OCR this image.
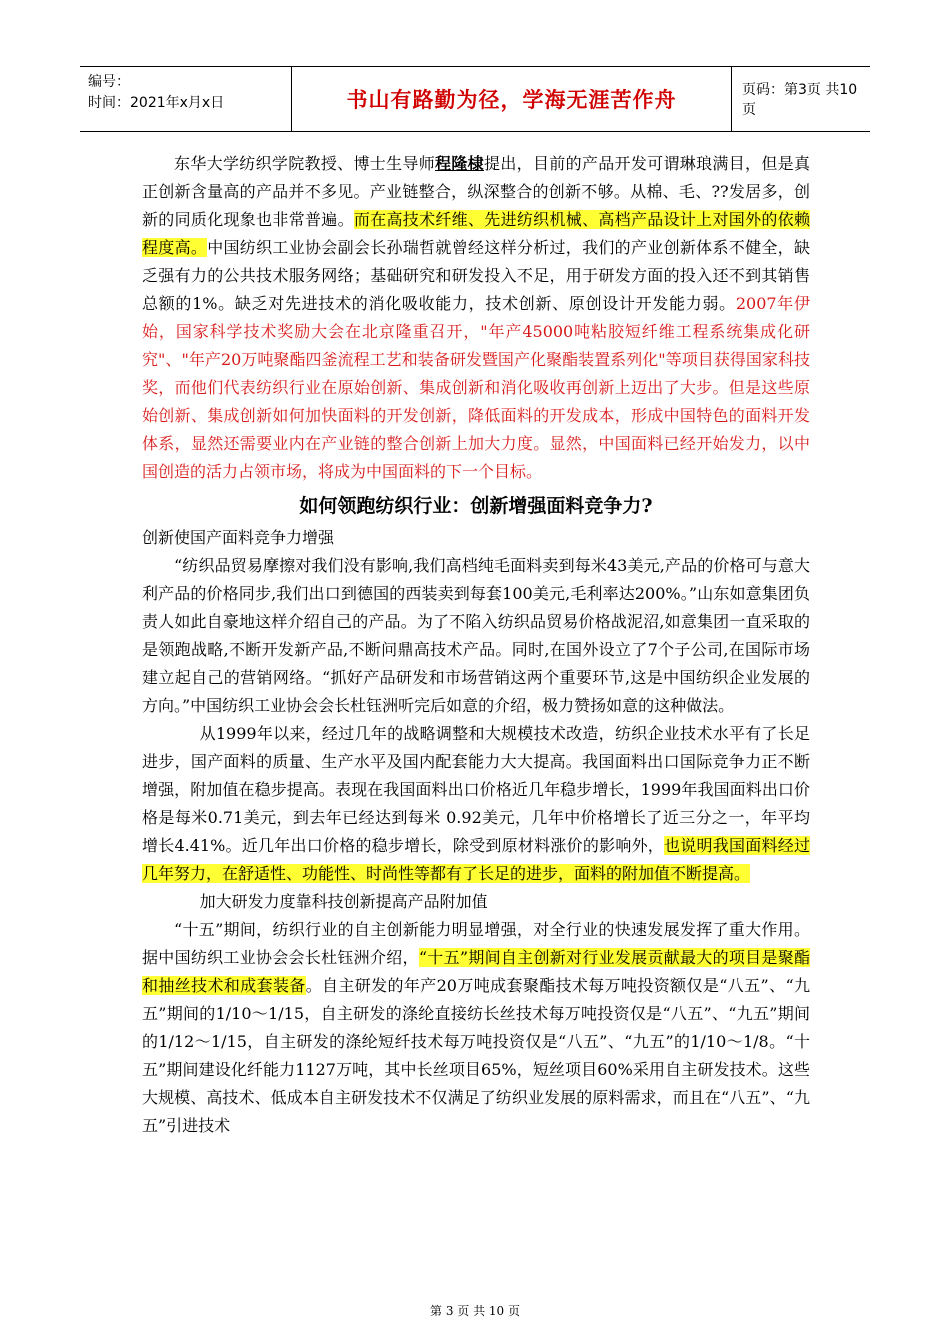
编号：
时间：2021年x月x日	书山有路勤为径，学海无涯苦作舟	页码：第3页 共10页

东华大学纺织学院教授、博士生导师程隆棣提出，目前的产品开发可谓琳琅满目，但是真正创新含量高的产品并不多见。产业链整合，纵深整合的创新不够。从棉、毛、??发居多，创新的同质化现象也非常普遍。而在高技术纤维、先进纺织机械、高档产品设计上对国外的依赖程度高。中国纺织工业协会副会长孙瑞哲就曾经这样分析过，我们的产业创新体系不健全，缺乏强有力的公共技术服务网络；基础研究和研发投入不足，用于研发方面的投入还不到其销售总额的1%。缺乏对先进技术的消化吸收能力，技术创新、原创设计开发能力弱。2007年伊始，国家科学技术奖励大会在北京隆重召开，"年产45000吨粘胶短纤维工程系统集成化研究"、"年产20万吨聚酯四釜流程工艺和装备研发暨国产化聚酯装置系列化"等项目获得国家科技奖，而他们代表纺织行业在原始创新、集成创新和消化吸收再创新上迈出了大步。但是这些原始创新、集成创新如何加快面料的开发创新，降低面料的开发成本，形成中国特色的面料开发体系，显然还需要业内在产业链的整合创新上加大力度。显然，中国面料已经开始发力，以中国创造的活力占领市场，将成为中国面料的下一个目标。

如何领跑纺织行业：创新增强面料竞争力?

创新使国产面料竞争力增强

“纺织品贸易摩擦对我们没有影响,我们高档纯毛面料卖到每米43美元,产品的价格可与意大利产品的价格同步,我们出口到德国的西装卖到每套100美元,毛利率达200%。”山东如意集团负责人如此自豪地这样介绍自己的产品。为了不陷入纺织品贸易价格战泥沼,如意集团一直采取的是领跑战略,不断开发新产品,不断问鼎高技术产品。同时,在国外设立了7个子公司,在国际市场建立起自己的营销网络。“抓好产品研发和市场营销这两个重要环节,这是中国纺织企业发展的方向。”中国纺织工业协会会长杜钰洲听完后如意的介绍，极力赞扬如意的这种做法。

从1999年以来，经过几年的战略调整和大规模技术改造，纺织企业技术水平有了长足进步，国产面料的质量、生产水平及国内配套能力大大提高。我国面料出口国际竞争力正不断增强，附加值在稳步提高。表现在我国面料出口价格近几年稳步增长，1999年我国面料出口价格是每米0.71美元，到去年已经达到每米 0.92美元，几年中价格增长了近三分之一，年平均增长4.41%。近几年出口价格的稳步增长，除受到原材料涨价的影响外，也说明我国面料经过几年努力，在舒适性、功能性、时尚性等都有了长足的进步，面料的附加值不断提高。

加大研发力度靠科技创新提高产品附加值

“十五”期间，纺织行业的自主创新能力明显增强，对全行业的快速发展发挥了重大作用。据中国纺织工业协会会长杜钰洲介绍，“十五”期间自主创新对行业发展贡献最大的项目是聚酯和抽丝技术和成套装备。自主研发的年产20万吨成套聚酯技术每万吨投资额仅是“八五”、“九五”期间的1/10～1/15，自主研发的涤纶直接纺长丝技术每万吨投资仅是“八五”、“九五”期间的1/12～1/15，自主研发的涤纶短纤技术每万吨投资仅是“八五”、“九五”的1/10～1/8。“十五”期间建设化纤能力1127万吨，其中长丝项目65%，短丝项目60%采用自主研发技术。这些大规模、高技术、低成本自主研发技术不仅满足了纺织业发展的原料需求，而且在“八五”、“九五”引进技术

第 3 页 共 10 页
